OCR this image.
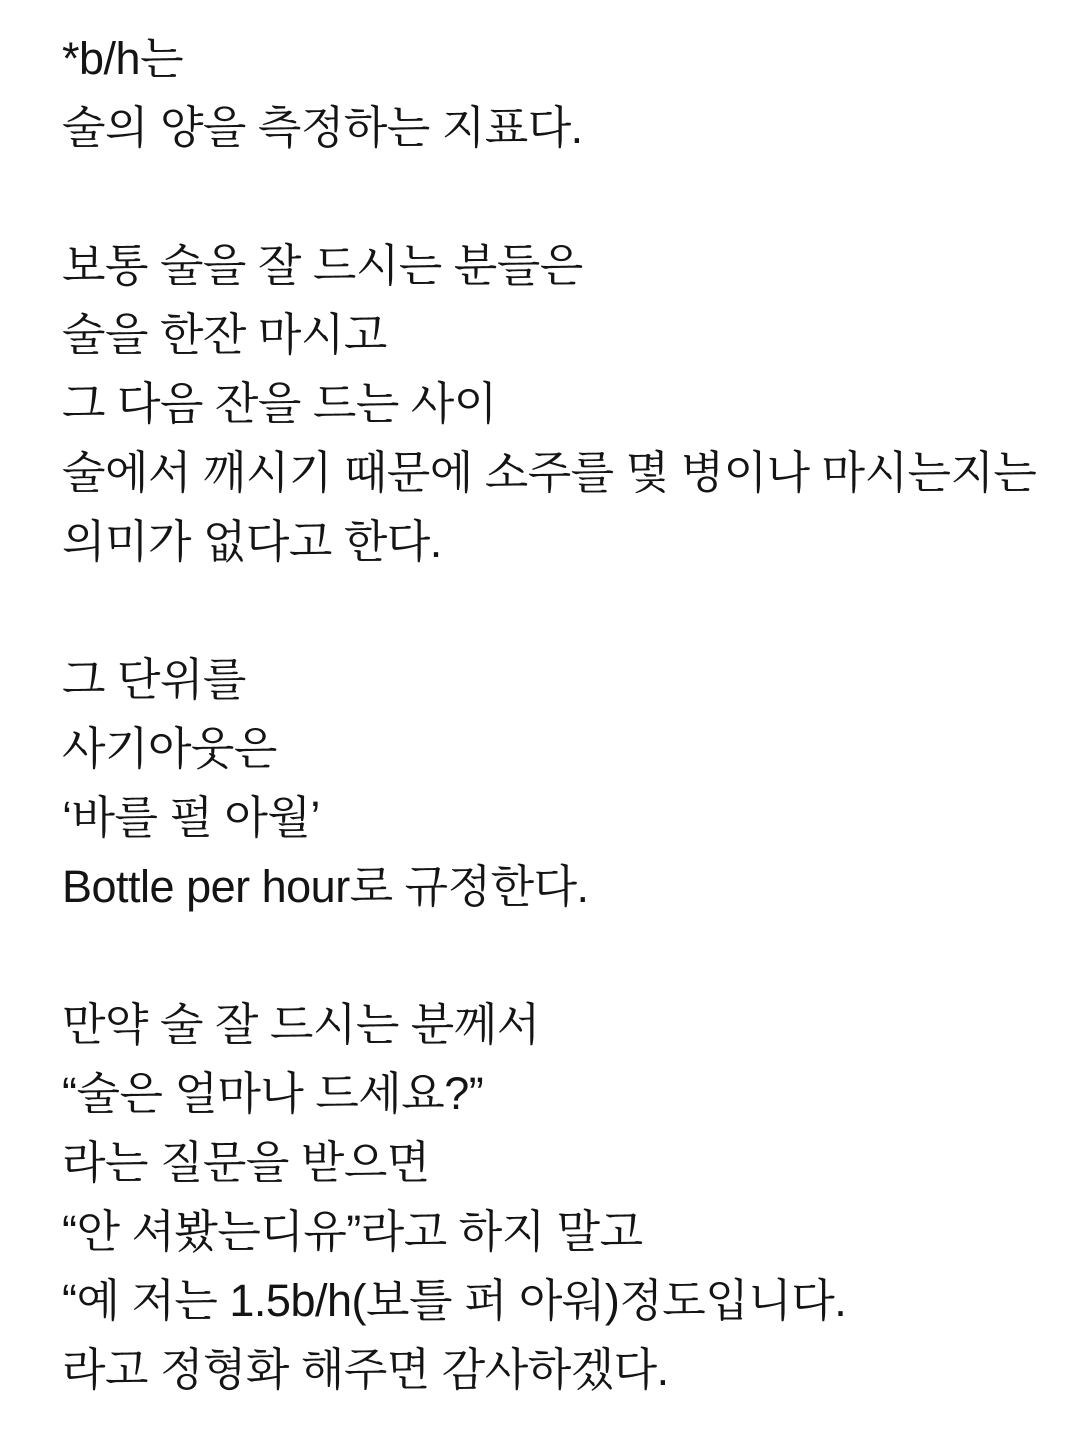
*b/h는
술의 양을 측정하는 지표다.
보통 술을 잘 드시는 분들은
술을 한잔 마시고
그 다음 잔을 드는 사이
술에서 깨시기 때문에 소주를 몇 병이나 마시는지는
의미가 없다고 한다.
그 단위를
사기아웃은
‘바를 펄 아월’
Bottle per hour로 규정한다.
만약 술 잘 드시는 분께서
“술은 얼마나 드세요?”
라는 질문을 받으면
“안 셔봤는디유”라고 하지 말고
“예 저는 1.5b/h(보틀 퍼 아워)정도입니다.
라고 정형화 해주면 감사하겠다.
